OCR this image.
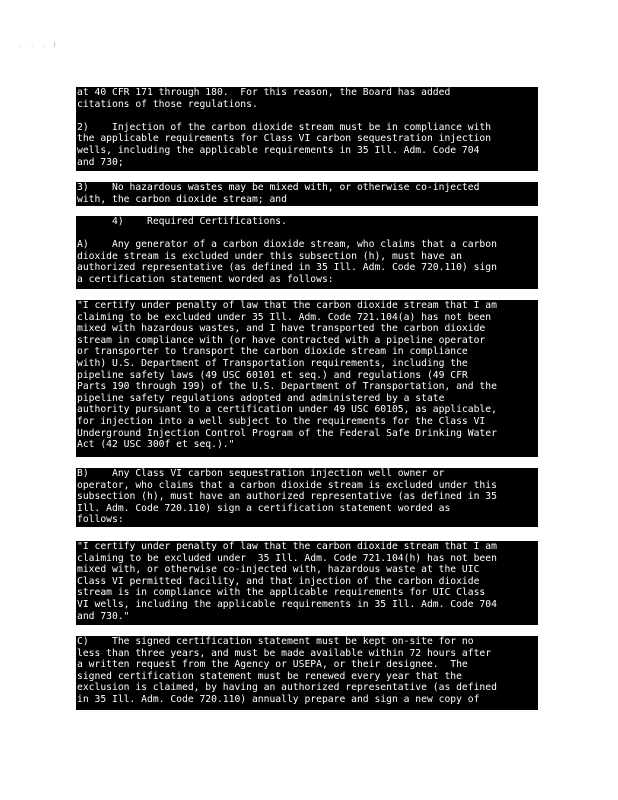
. . . )
at 40 CFR 171 through 180.  For this reason, the Board has added
citations of those regulations.
2)    Injection of the carbon dioxide stream must be in compliance with
the applicable requirements for Class VI carbon sequestration injection
wells, including the applicable requirements in 35 Ill. Adm. Code 704
and 730;
3)    No hazardous wastes may be mixed with, or otherwise co-injected
with, the carbon dioxide stream; and
4)    Required Certifications.
A)    Any generator of a carbon dioxide stream, who claims that a carbon
dioxide stream is excluded under this subsection (h), must have an
authorized representative (as defined in 35 Ill. Adm. Code 720.110) sign
a certification statement worded as follows:
"I certify under penalty of law that the carbon dioxide stream that I am
claiming to be excluded under 35 Ill. Adm. Code 721.104(a) has not been
mixed with hazardous wastes, and I have transported the carbon dioxide
stream in compliance with (or have contracted with a pipeline operator
or transporter to transport the carbon dioxide stream in compliance
with) U.S. Department of Transportation requirements, including the
pipeline safety laws (49 USC 60101 et seq.) and regulations (49 CFR
Parts 190 through 199) of the U.S. Department of Transportation, and the
pipeline safety regulations adopted and administered by a state
authority pursuant to a certification under 49 USC 60105, as applicable,
for injection into a well subject to the requirements for the Class VI
Underground Injection Control Program of the Federal Safe Drinking Water
Act (42 USC 300f et seq.)."
B)    Any Class VI carbon sequestration injection well owner or
operator, who claims that a carbon dioxide stream is excluded under this
subsection (h), must have an authorized representative (as defined in 35
Ill. Adm. Code 720.110) sign a certification statement worded as
follows:
"I certify under penalty of law that the carbon dioxide stream that I am
claiming to be excluded under  35 Ill. Adm. Code 721.104(h) has not been
mixed with, or otherwise co-injected with, hazardous waste at the UIC
Class VI permitted facility, and that injection of the carbon dioxide
stream is in compliance with the applicable requirements for UIC Class
VI wells, including the applicable requirements in 35 Ill. Adm. Code 704
and 730."
C)    The signed certification statement must be kept on-site for no
less than three years, and must be made available within 72 hours after
a written request from the Agency or USEPA, or their designee.  The
signed certification statement must be renewed every year that the
exclusion is claimed, by having an authorized representative (as defined
in 35 Ill. Adm. Code 720.110) annually prepare and sign a new copy of
